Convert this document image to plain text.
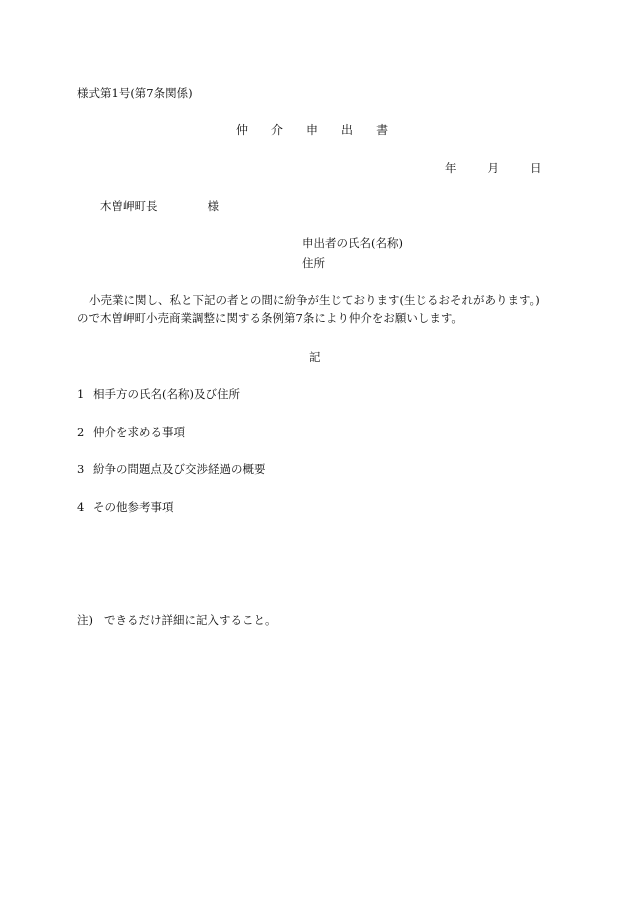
様式第1号(第7条関係)
仲 介 申 出 書
年	月	日
木曽岬町長	様
申出者の氏名(名称)
住所
小売業に関し、私と下記の者との間に紛争が生じております(生じるおそれがあります。)
ので木曽岬町小売商業調整に関する条例第7条により仲介をお願いします。
記
1 相手方の氏名(名称)及び住所
2 仲介を求める事項
3 紛争の問題点及び交渉経過の概要
4 その他参考事項
注) できるだけ詳細に記入すること。
